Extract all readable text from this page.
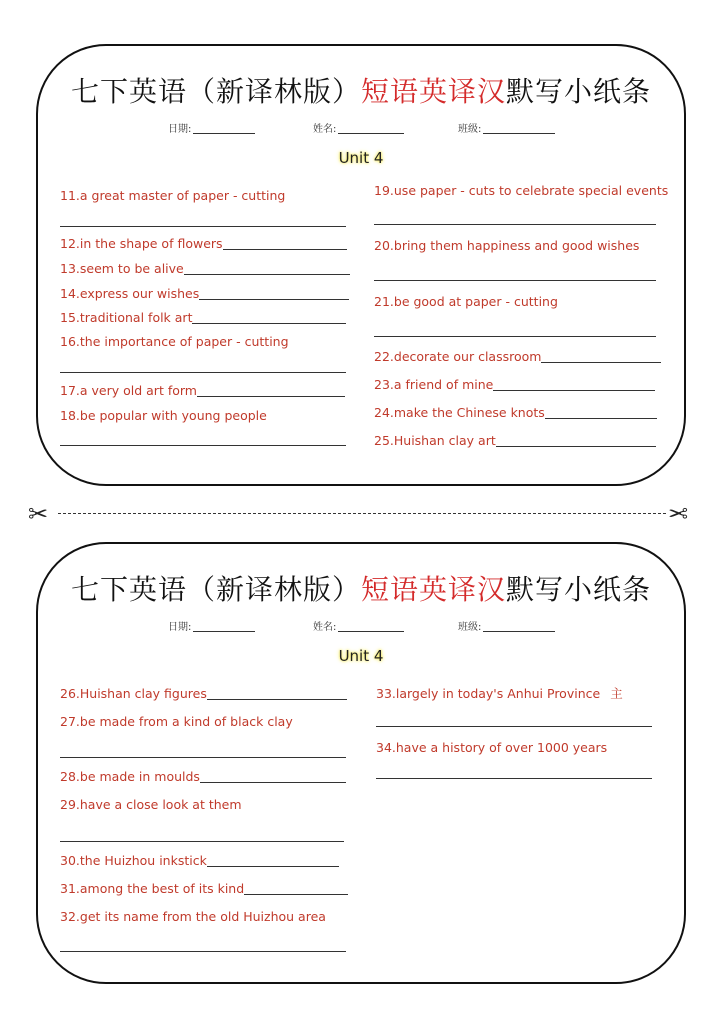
七下英语（新译林版）短语英译汉默写小纸条
日期:	姓名:	班级:
Unit 4
11.a great master of paper - cutting
12.in the shape of flowers
13.seem to be alive
14.express our wishes
15.traditional folk art
16.the importance of paper - cutting
17.a very old art form
18.be popular with young people
19.use paper - cuts to celebrate special events
20.bring them happiness and good wishes
21.be good at paper - cutting
22.decorate our classroom
23.a friend of mine
24.make the Chinese knots
25.Huishan clay art
✂	✂
七下英语（新译林版）短语英译汉默写小纸条
日期:	姓名:	班级:
Unit 4
26.Huishan clay figures
27.be made from a kind of black clay
28.be made in moulds
29.have a close look at them
30.the Huizhou inkstick
31.among the best of its kind
32.get its name from the old Huizhou area
33.largely in today's Anhui Province 主
34.have a history of over 1000 years
